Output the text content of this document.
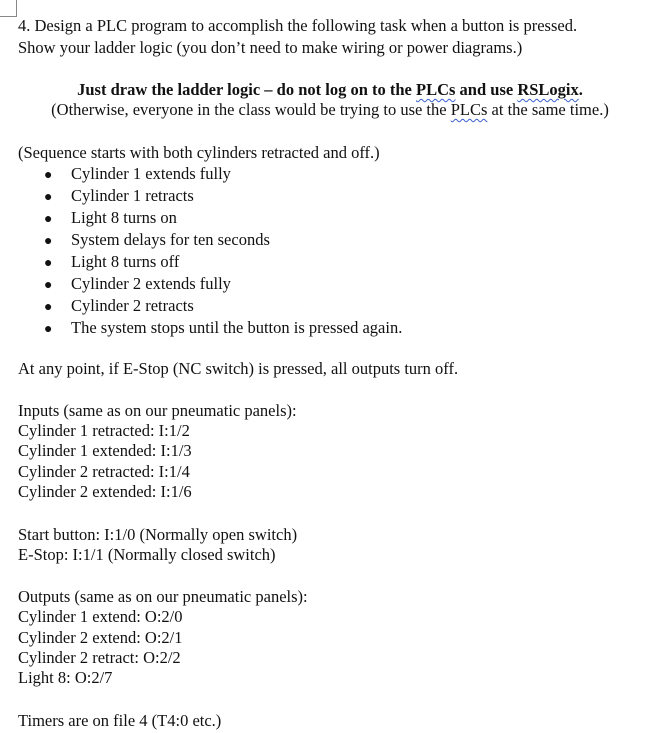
4. Design a PLC program to accomplish the following task when a button is pressed.
Show your ladder logic (you don’t need to make wiring or power diagrams.)
Just draw the ladder logic – do not log on to the PLCs and use RSLogix.
(Otherwise, everyone in the class would be trying to use the PLCs at the same time.)
(Sequence starts with both cylinders retracted and off.)
● Cylinder 1 extends fully
● Cylinder 1 retracts
● Light 8 turns on
● System delays for ten seconds
● Light 8 turns off
● Cylinder 2 extends fully
● Cylinder 2 retracts
● The system stops until the button is pressed again.
At any point, if E-Stop (NC switch) is pressed, all outputs turn off.
Inputs (same as on our pneumatic panels):
Cylinder 1 retracted: I:1/2
Cylinder 1 extended: I:1/3
Cylinder 2 retracted: I:1/4
Cylinder 2 extended: I:1/6
Start button: I:1/0 (Normally open switch)
E-Stop: I:1/1 (Normally closed switch)
Outputs (same as on our pneumatic panels):
Cylinder 1 extend: O:2/0
Cylinder 2 extend: O:2/1
Cylinder 2 retract: O:2/2
Light 8: O:2/7
Timers are on file 4 (T4:0 etc.)
